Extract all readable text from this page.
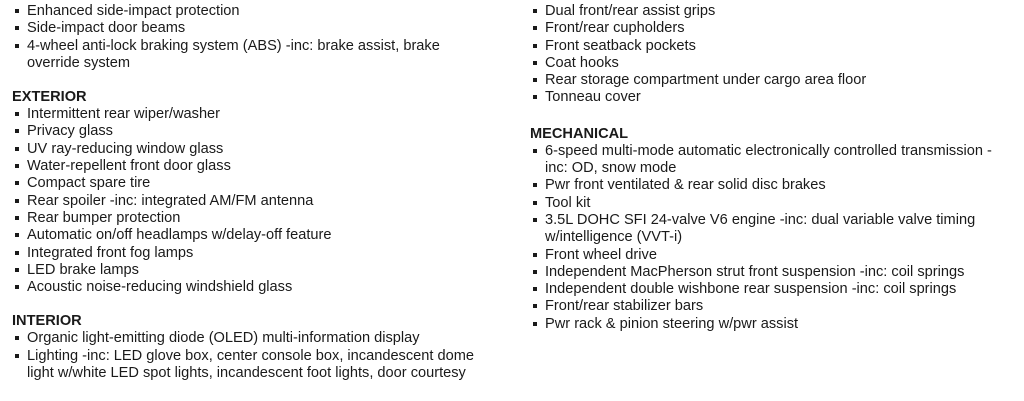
Enhanced side-impact protection
Side-impact door beams
4-wheel anti-lock braking system (ABS) -inc: brake assist, brake
override system
EXTERIOR
Intermittent rear wiper/washer
Privacy glass
UV ray-reducing window glass
Water-repellent front door glass
Compact spare tire
Rear spoiler -inc: integrated AM/FM antenna
Rear bumper protection
Automatic on/off headlamps w/delay-off feature
Integrated front fog lamps
LED brake lamps
Acoustic noise-reducing windshield glass
INTERIOR
Organic light-emitting diode (OLED) multi-information display
Lighting -inc: LED glove box, center console box, incandescent dome
light w/white LED spot lights, incandescent foot lights, door courtesy
Dual front/rear assist grips
Front/rear cupholders
Front seatback pockets
Coat hooks
Rear storage compartment under cargo area floor
Tonneau cover
MECHANICAL
6-speed multi-mode automatic electronically controlled transmission -
inc: OD, snow mode
Pwr front ventilated & rear solid disc brakes
Tool kit
3.5L DOHC SFI 24-valve V6 engine -inc: dual variable valve timing
w/intelligence (VVT-i)
Front wheel drive
Independent MacPherson strut front suspension -inc: coil springs
Independent double wishbone rear suspension -inc: coil springs
Front/rear stabilizer bars
Pwr rack & pinion steering w/pwr assist
